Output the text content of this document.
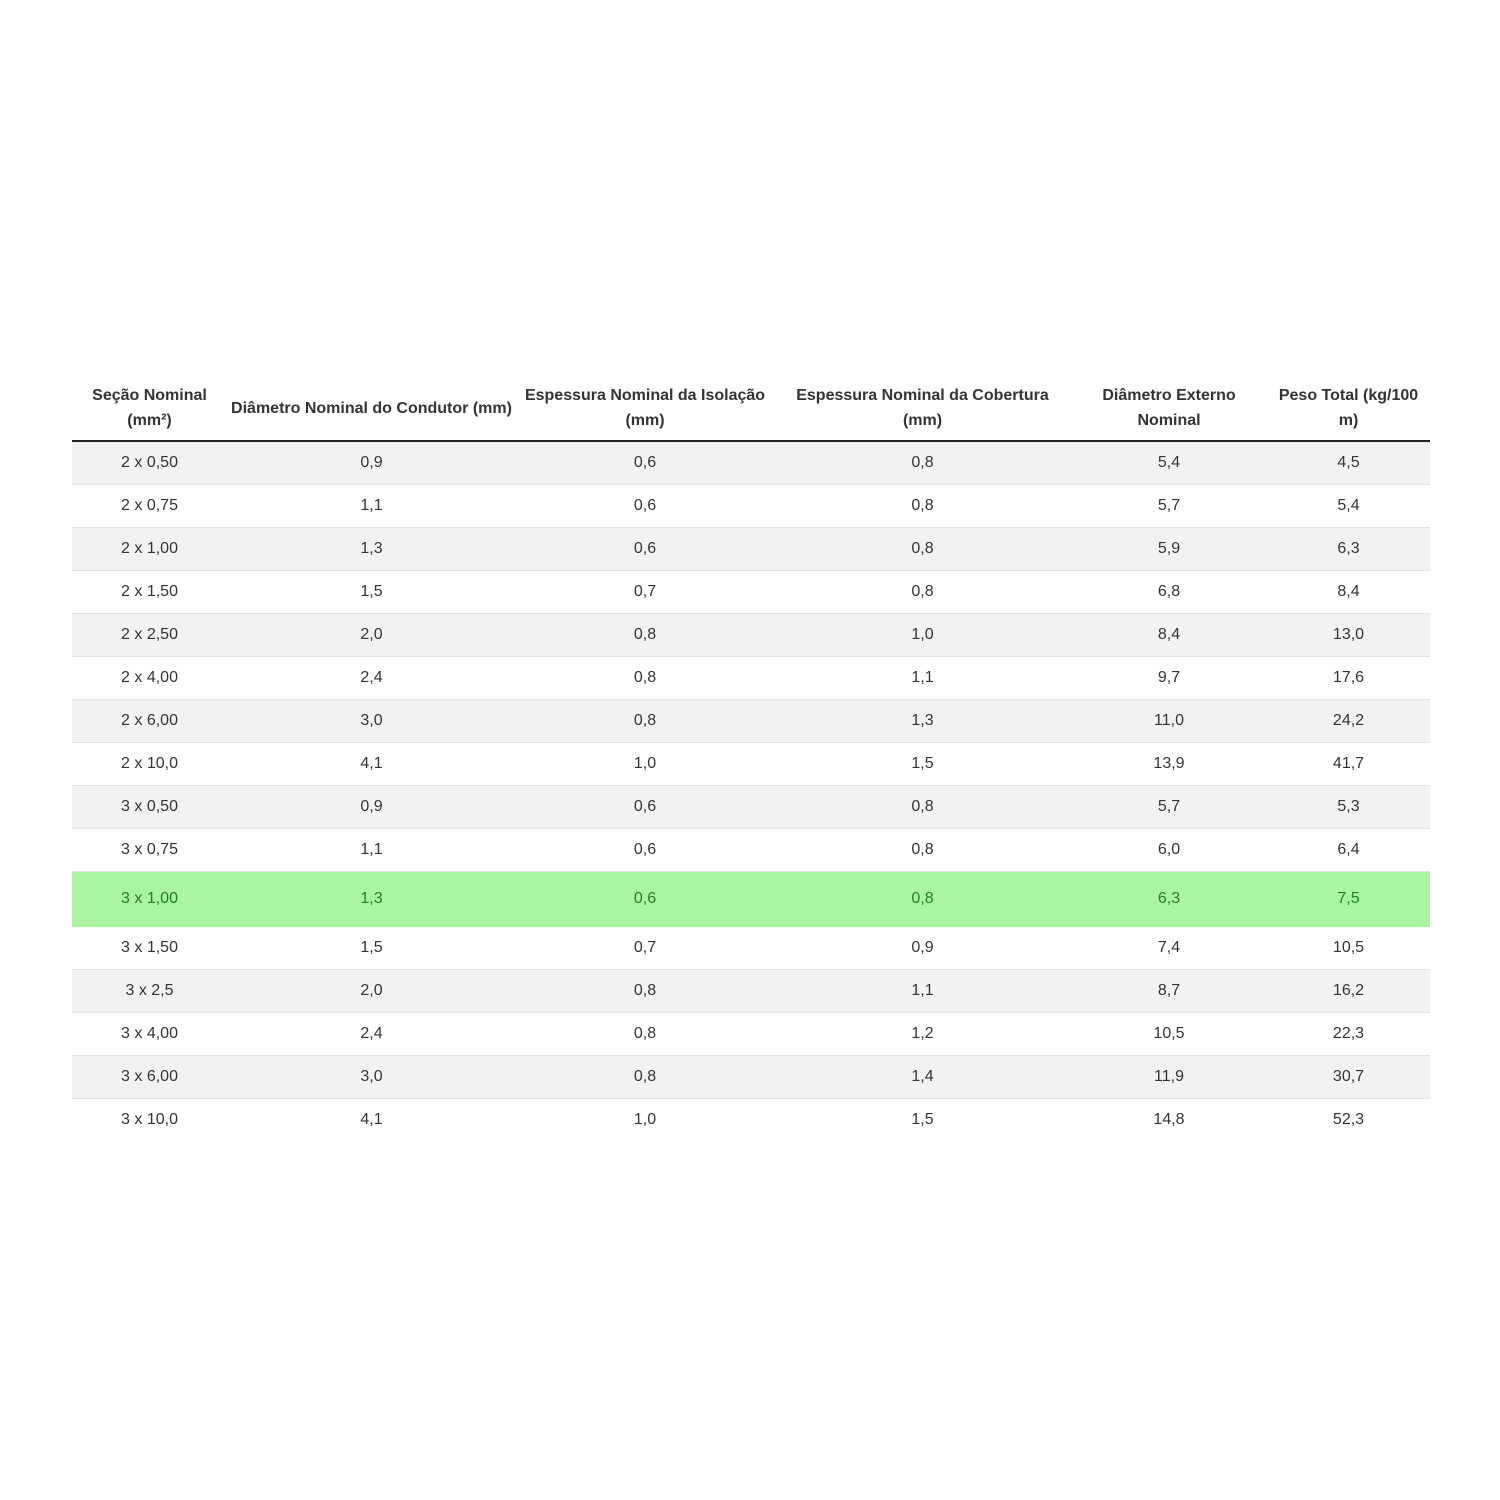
Seção Nominal (mm²)	Diâmetro Nominal do Condutor (mm)	Espessura Nominal da Isolação (mm)	Espessura Nominal da Cobertura (mm)	Diâmetro Externo Nominal	Peso Total (kg/100 m)
2 x 0,50	0,9	0,6	0,8	5,4	4,5
2 x 0,75	1,1	0,6	0,8	5,7	5,4
2 x 1,00	1,3	0,6	0,8	5,9	6,3
2 x 1,50	1,5	0,7	0,8	6,8	8,4
2 x 2,50	2,0	0,8	1,0	8,4	13,0
2 x 4,00	2,4	0,8	1,1	9,7	17,6
2 x 6,00	3,0	0,8	1,3	11,0	24,2
2 x 10,0	4,1	1,0	1,5	13,9	41,7
3 x 0,50	0,9	0,6	0,8	5,7	5,3
3 x 0,75	1,1	0,6	0,8	6,0	6,4
3 x 1,00	1,3	0,6	0,8	6,3	7,5
3 x 1,50	1,5	0,7	0,9	7,4	10,5
3 x 2,5	2,0	0,8	1,1	8,7	16,2
3 x 4,00	2,4	0,8	1,2	10,5	22,3
3 x 6,00	3,0	0,8	1,4	11,9	30,7
3 x 10,0	4,1	1,0	1,5	14,8	52,3
